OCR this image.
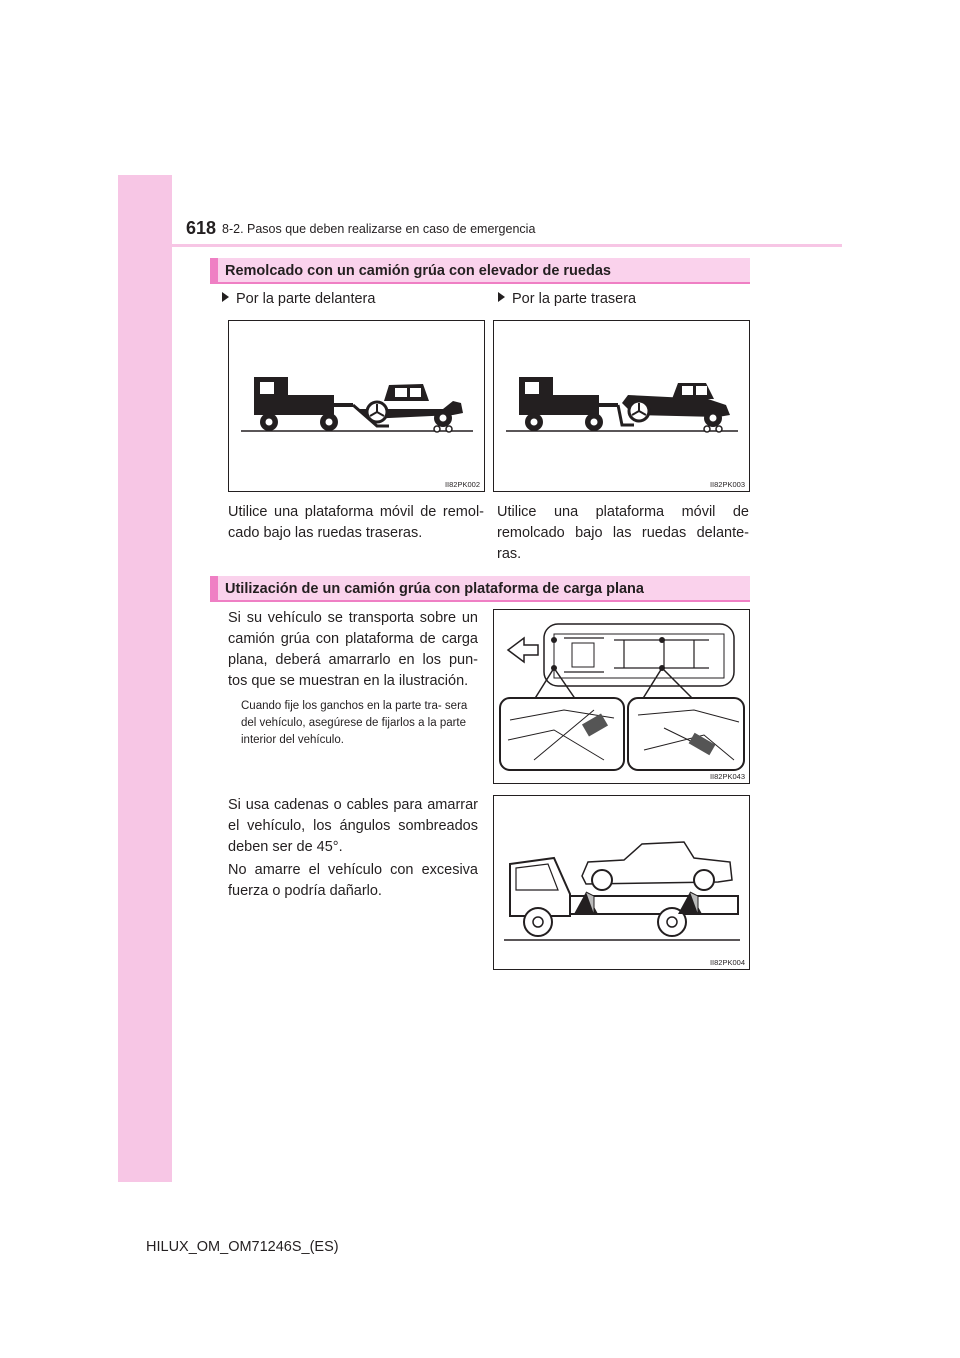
618 8-2. Pasos que deben realizarse en caso de emergencia
Remolcado con un camión grúa con elevador de ruedas
Por la parte delantera	Por la parte trasera
II82PK002	II82PK003
Utilice una plataforma móvil de remol- cado bajo las ruedas traseras.
Utilice una plataforma móvil de remolcado bajo las ruedas delante- ras.
Utilización de un camión grúa con plataforma de carga plana
Si su vehículo se transporta sobre un camión grúa con plataforma de carga plana, deberá amarrarlo en los pun- tos que se muestran en la ilustración.
Cuando fije los ganchos en la parte tra- sera del vehículo, asegúrese de fijarlos a la parte interior del vehículo.
Si usa cadenas o cables para amarrar el vehículo, los ángulos sombreados deben ser de 45°.
No amarre el vehículo con excesiva fuerza o podría dañarlo.
II82PK043
II82PK004
HILUX_OM_OM71246S_(ES)
